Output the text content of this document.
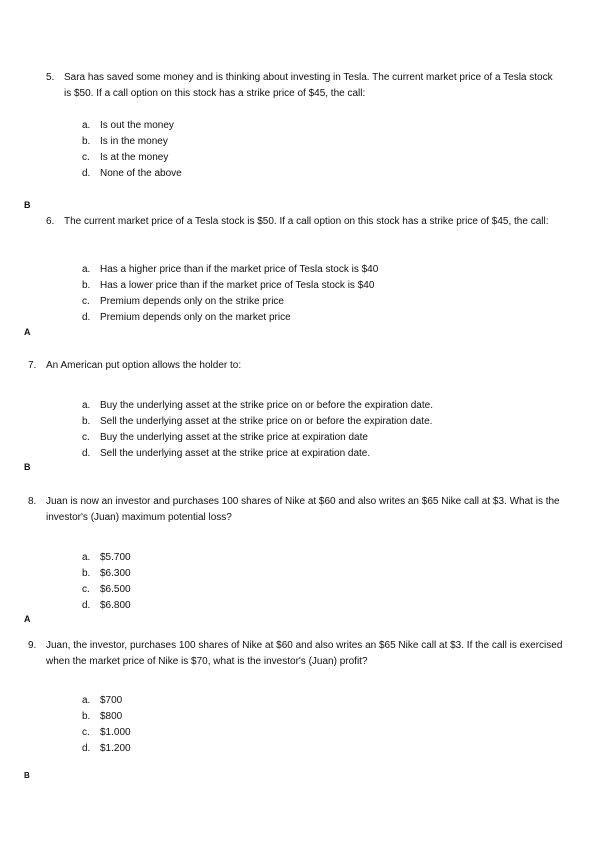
5. Sara has saved some money and is thinking about investing in Tesla. The current market price of a Tesla stock is $50. If a call option on this stock has a strike price of $45, the call:
a. Is out the money
b. Is in the money
c. Is at the money
d. None of the above
B
6. The current market price of a Tesla stock is $50. If a call option on this stock has a strike price of $45, the call:
a. Has a higher price than if the market price of Tesla stock is $40
b. Has a lower price than if the market price of Tesla stock is $40
c. Premium depends only on the strike price
d. Premium depends only on the market price
A
7. An American put option allows the holder to:
a. Buy the underlying asset at the strike price on or before the expiration date.
b. Sell the underlying asset at the strike price on or before the expiration date.
c. Buy the underlying asset at the strike price at expiration date
d. Sell the underlying asset at the strike price at expiration date.
B
8. Juan is now an investor and purchases 100 shares of Nike at $60 and also writes an $65 Nike call at $3. What is the investor's (Juan) maximum potential loss?
a. $5.700
b. $6.300
c. $6.500
d. $6.800
A
9. Juan, the investor, purchases 100 shares of Nike at $60 and also writes an $65 Nike call at $3. If the call is exercised when the market price of Nike is $70, what is the investor's (Juan) profit?
a. $700
b. $800
c. $1.000
d. $1.200
B
